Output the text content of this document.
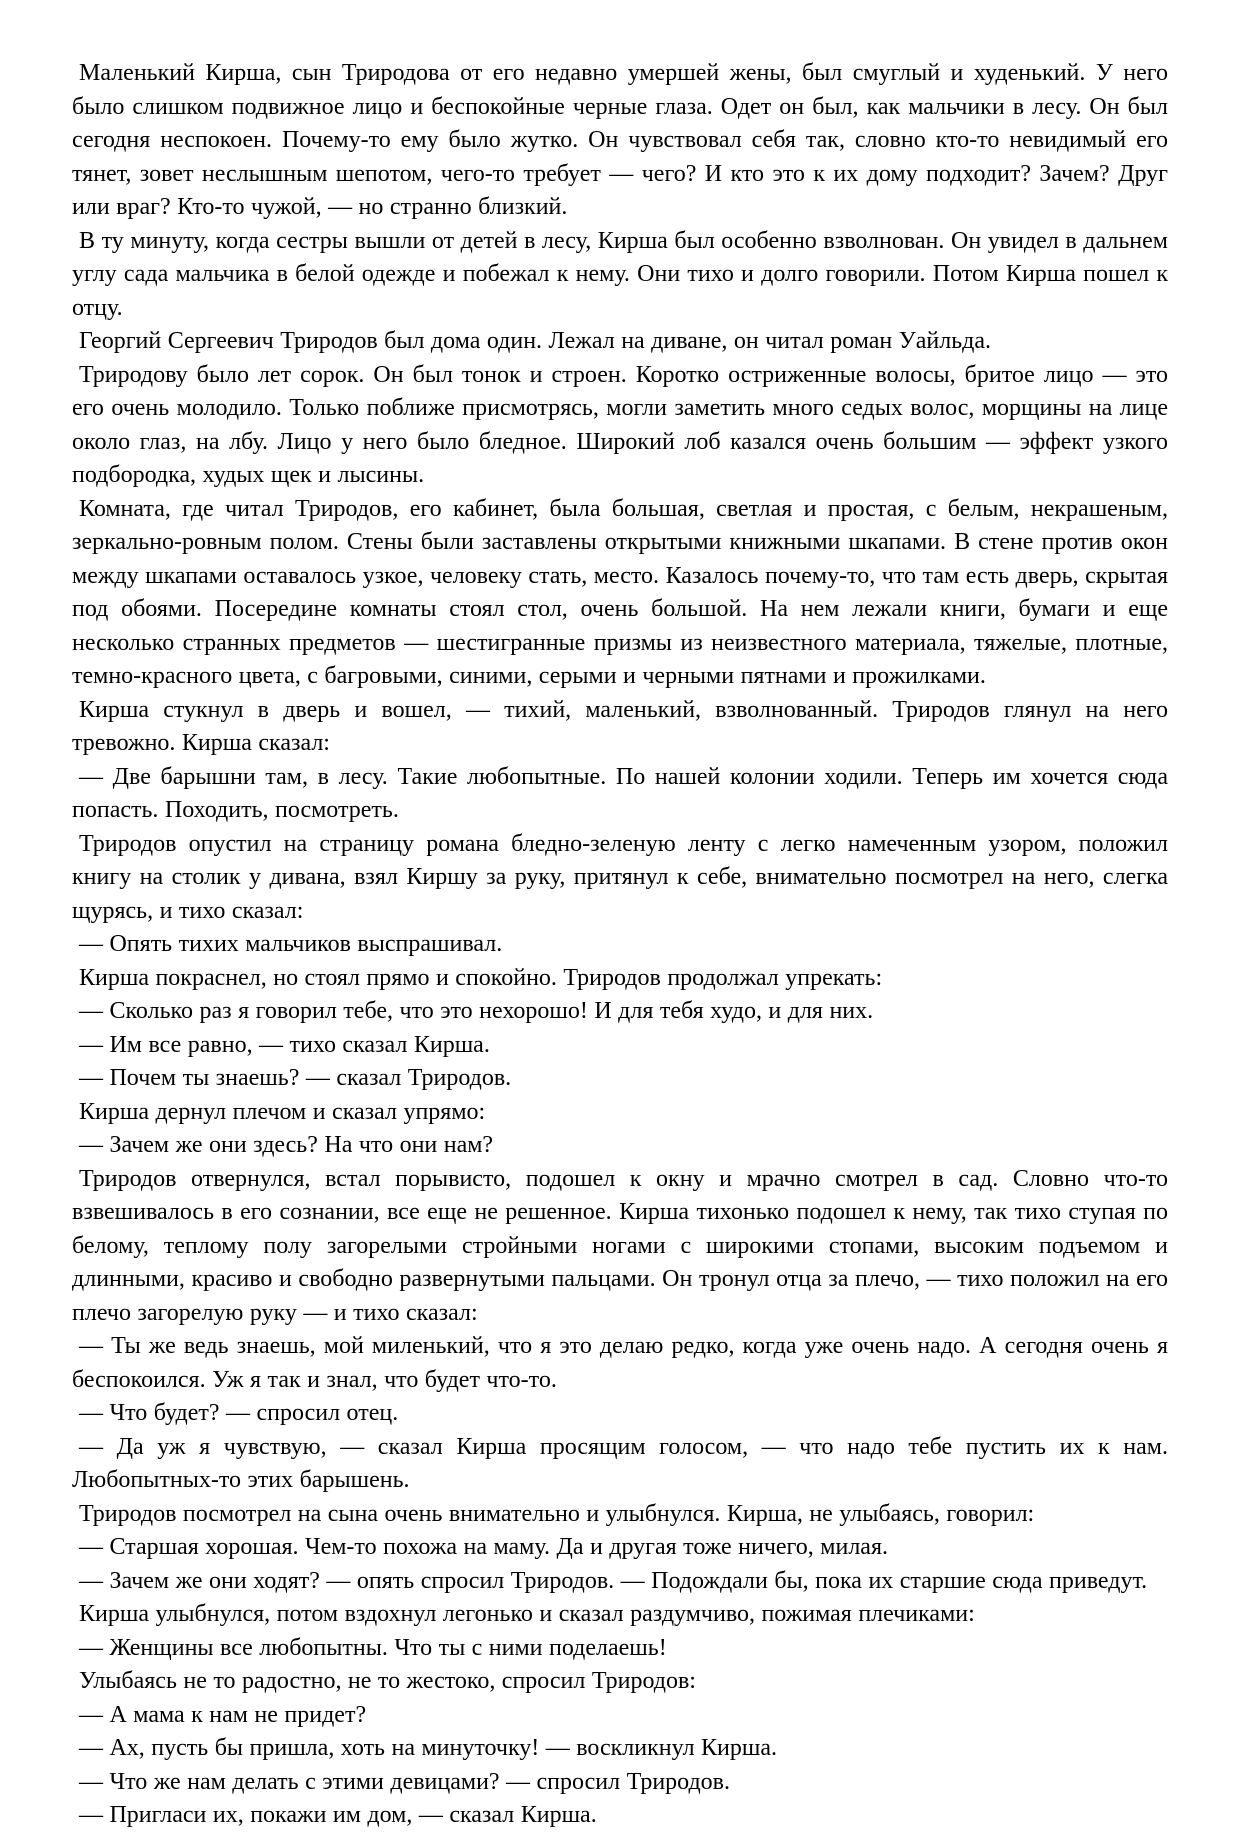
Маленький Кирша, сын Триродова от его недавно умершей жены, был смуглый и худенький. У него было слишком подвижное лицо и беспокойные черные глаза. Одет он был, как мальчики в лесу. Он был сегодня неспокоен. Почему-то ему было жутко. Он чувствовал себя так, словно кто-то невидимый его тянет, зовет неслышным шепотом, чего-то требует — чего? И кто это к их дому подходит? Зачем? Друг или враг? Кто-то чужой, — но странно близкий.

В ту минуту, когда сестры вышли от детей в лесу, Кирша был особенно взволнован. Он увидел в дальнем углу сада мальчика в белой одежде и побежал к нему. Они тихо и долго говорили. Потом Кирша пошел к отцу.

Георгий Сергеевич Триродов был дома один. Лежал на диване, он читал роман Уайльда.

Триродову было лет сорок. Он был тонок и строен. Коротко остриженные волосы, бритое лицо — это его очень молодило. Только поближе присмотрясь, могли заметить много седых волос, морщины на лице около глаз, на лбу. Лицо у него было бледное. Широкий лоб казался очень большим — эффект узкого подбородка, худых щек и лысины.

Комната, где читал Триродов, его кабинет, была большая, светлая и простая, с белым, некрашеным, зеркально-ровным полом. Стены были заставлены открытыми книжными шкапами. В стене против окон между шкапами оставалось узкое, человеку стать, место. Казалось почему-то, что там есть дверь, скрытая под обоями. Посередине комнаты стоял стол, очень большой. На нем лежали книги, бумаги и еще несколько странных предметов — шестигранные призмы из неизвестного материала, тяжелые, плотные, темно-красного цвета, с багровыми, синими, серыми и черными пятнами и прожилками.

Кирша стукнул в дверь и вошел, — тихий, маленький, взволнованный. Триродов глянул на него тревожно. Кирша сказал:

— Две барышни там, в лесу. Такие любопытные. По нашей колонии ходили. Теперь им хочется сюда попасть. Походить, посмотреть.

Триродов опустил на страницу романа бледно-зеленую ленту с легко намеченным узором, положил книгу на столик у дивана, взял Киршу за руку, притянул к себе, внимательно посмотрел на него, слегка щурясь, и тихо сказал:

— Опять тихих мальчиков выспрашивал.

Кирша покраснел, но стоял прямо и спокойно. Триродов продолжал упрекать:

— Сколько раз я говорил тебе, что это нехорошо! И для тебя худо, и для них.

— Им все равно, — тихо сказал Кирша.

— Почем ты знаешь? — сказал Триродов.

Кирша дернул плечом и сказал упрямо:

— Зачем же они здесь? На что они нам?

Триродов отвернулся, встал порывисто, подошел к окну и мрачно смотрел в сад. Словно что-то взвешивалось в его сознании, все еще не решенное. Кирша тихонько подошел к нему, так тихо ступая по белому, теплому полу загорелыми стройными ногами с широкими стопами, высоким подъемом и длинными, красиво и свободно развернутыми пальцами. Он тронул отца за плечо, — тихо положил на его плечо загорелую руку — и тихо сказал:

— Ты же ведь знаешь, мой миленький, что я это делаю редко, когда уже очень надо. А сегодня очень я беспокоился. Уж я так и знал, что будет что-то.

— Что будет? — спросил отец.

— Да уж я чувствую, — сказал Кирша просящим голосом, — что надо тебе пустить их к нам. Любопытных-то этих барышень.

Триродов посмотрел на сына очень внимательно и улыбнулся. Кирша, не улыбаясь, говорил:

— Старшая хорошая. Чем-то похожа на маму. Да и другая тоже ничего, милая.

— Зачем же они ходят? — опять спросил Триродов. — Подождали бы, пока их старшие сюда приведут.

Кирша улыбнулся, потом вздохнул легонько и сказал раздумчиво, пожимая плечиками:

— Женщины все любопытны. Что ты с ними поделаешь!

Улыбаясь не то радостно, не то жестоко, спросил Триродов:

— А мама к нам не придет?

— Ах, пусть бы пришла, хоть на минуточку! — воскликнул Кирша.

— Что же нам делать с этими девицами? — спросил Триродов.

— Пригласи их, покажи им дом, — сказал Кирша.
